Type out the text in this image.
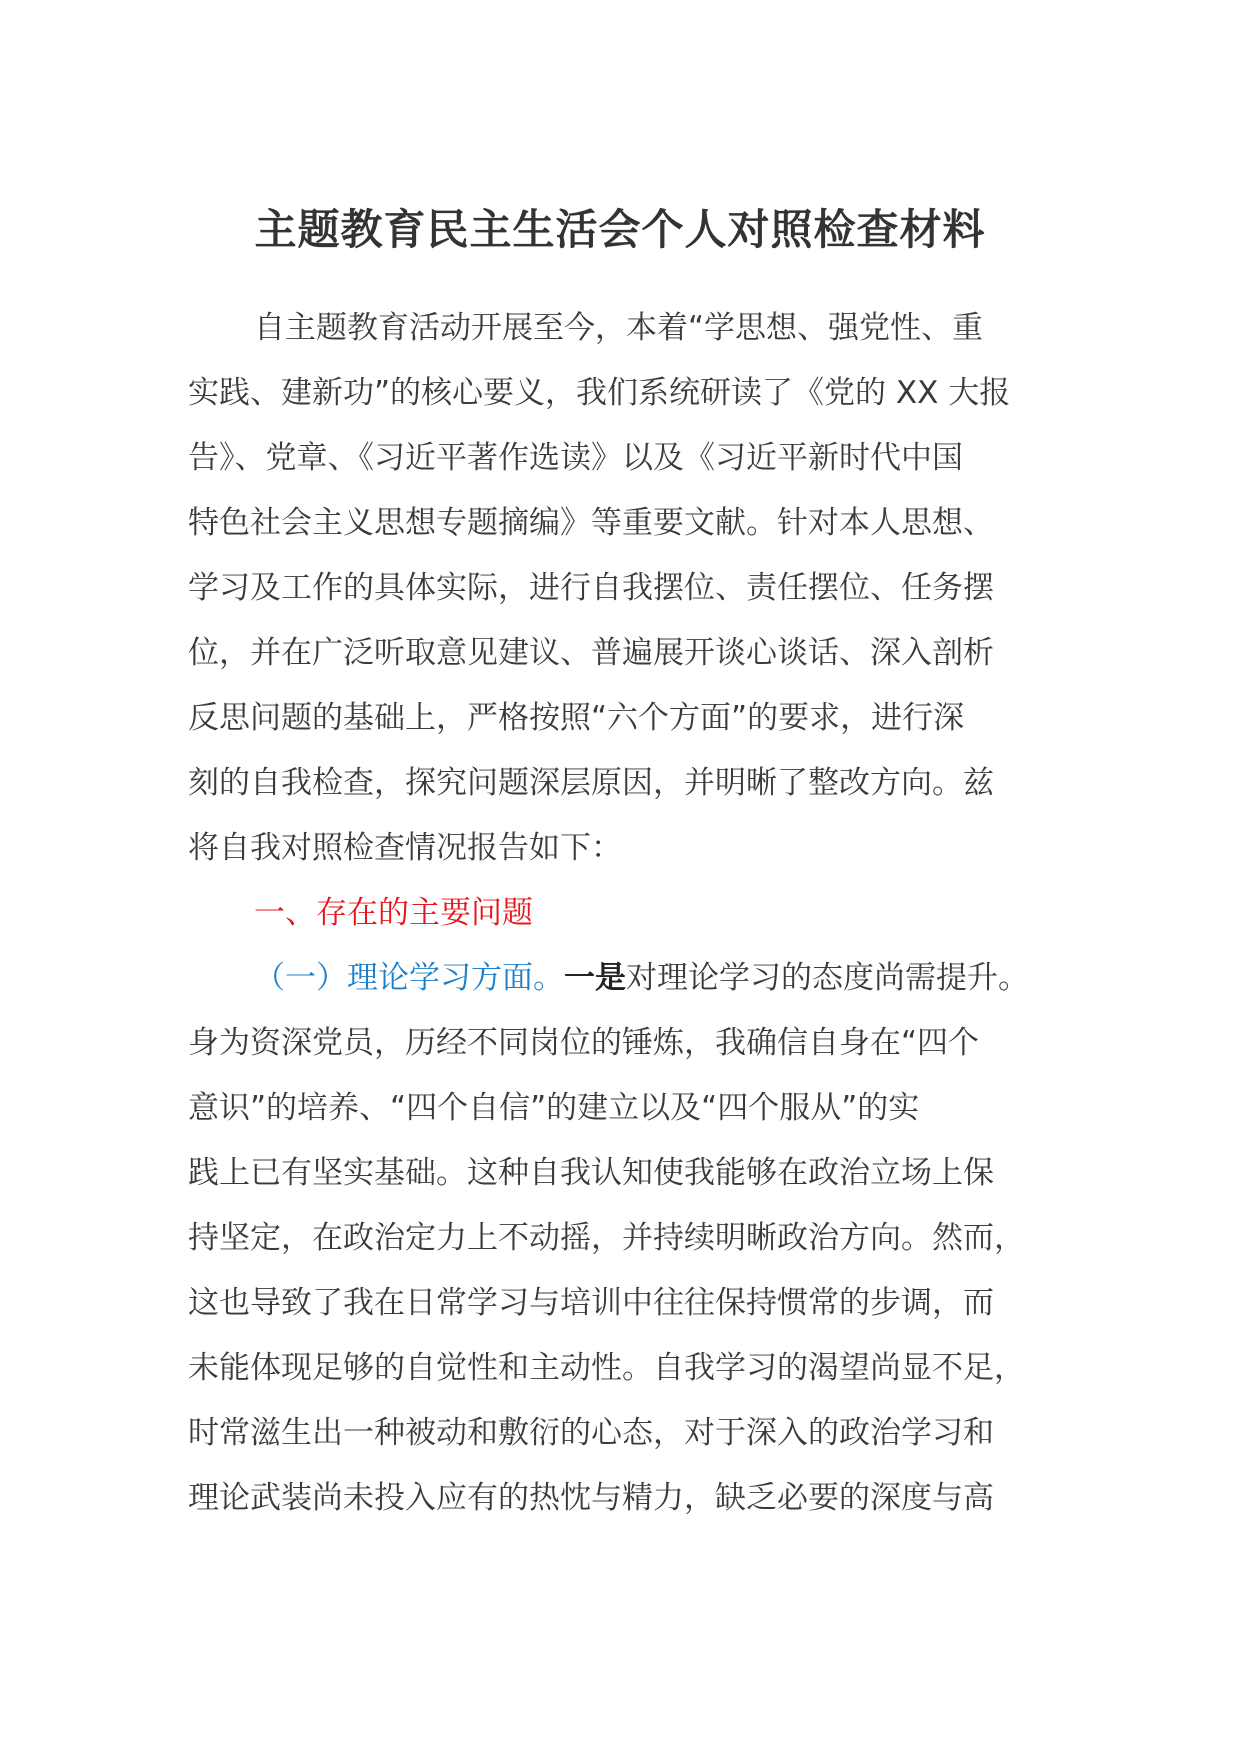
主题教育民主生活会个人对照检查材料
自主题教育活动开展至今，本着“学思想、强党性、重
实践、建新功”的核心要义，我们系统研读了《党的 XX 大报
告》、党章、《习近平著作选读》以及《习近平新时代中国
特色社会主义思想专题摘编》等重要文献。针对本人思想、
学习及工作的具体实际，进行自我摆位、责任摆位、任务摆
位，并在广泛听取意见建议、普遍展开谈心谈话、深入剖析
反思问题的基础上，严格按照“六个方面”的要求，进行深
刻的自我检查，探究问题深层原因，并明晰了整改方向。兹
将自我对照检查情况报告如下：
一、存在的主要问题
（一）理论学习方面。一是对理论学习的态度尚需提升。
身为资深党员，历经不同岗位的锤炼，我确信自身在“四个
意识”的培养、“四个自信”的建立以及“四个服从”的实
践上已有坚实基础。这种自我认知使我能够在政治立场上保
持坚定，在政治定力上不动摇，并持续明晰政治方向。然而，
这也导致了我在日常学习与培训中往往保持惯常的步调，而
未能体现足够的自觉性和主动性。自我学习的渴望尚显不足，
时常滋生出一种被动和敷衍的心态，对于深入的政治学习和
理论武装尚未投入应有的热忱与精力，缺乏必要的深度与高
